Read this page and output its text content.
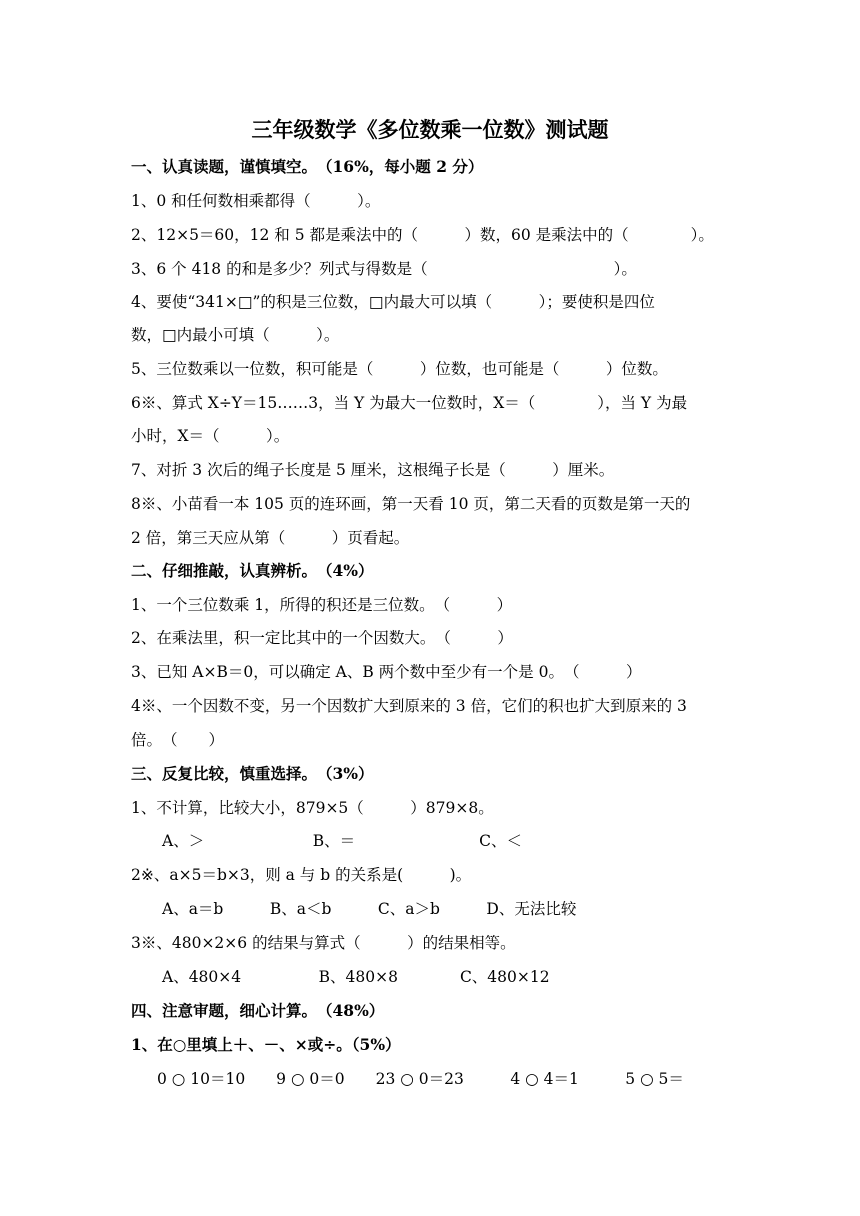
三年级数学《多位数乘一位数》测试题
一、认真读题，谨慎填空。　（16%，每小题 2 分）
1、0 和任何数相乘都得（　　　）。
2、12×5＝60，12 和 5 都是乘法中的（　　　）数，60 是乘法中的（　　　　）。
3、6 个 418 的和是多少？列式与得数是（　　　　　　　　　　　　）。
4、要使“341×□”的积是三位数，□内最大可以填（　　　）；要使积是四位
数，□内最小可填（　　　）。
5、三位数乘以一位数，积可能是（　　　）位数，也可能是（　　　）位数。
6※、算式 X÷Y＝15……3，当 Y 为最大一位数时，X＝（　　　　），当 Y 为最
小时，X＝（　　　）。
7、对折 3 次后的绳子长度是 5 厘米，这根绳子长是（　　　）厘米。
8※、小苗看一本 105 页的连环画，第一天看 10 页，第二天看的页数是第一天的
2 倍，第三天应从第（　　　）页看起。
二、仔细推敲，认真辨析。　（4%）
1、一个三位数乘 1，所得的积还是三位数。　（　　　）
2、在乘法里，积一定比其中的一个因数大。　（　　　）
3、已知 A×B＝0，可以确定 A、B 两个数中至少有一个是 0。　（　　　）
4※、一个因数不变，另一个因数扩大到原来的 3 倍，它们的积也扩大到原来的 3
倍。　（　　）
三、反复比较，慎重选择。　（3%）
1、不计算，比较大小，879×5（　　　）879×8。
A、＞　　　　　　　B、＝　　　　　　　　C、＜
2※、a×5＝b×3，则 a 与 b 的关系是(　　　)。
A、a＝b　　　B、a＜b　　　C、a＞b　　　D、无法比较
3※、480×2×6 的结果与算式（　　　）的结果相等。
A、480×4　　　　　B、480×8　　　　C、480×12
四、注意审题，细心计算。　（48%）
1、在○里填上＋、－、×或÷。（5%）
0 ○ 10＝10　　9 ○ 0＝0　　23 ○ 0＝23　　　4 ○ 4＝1　　　5 ○ 5＝
